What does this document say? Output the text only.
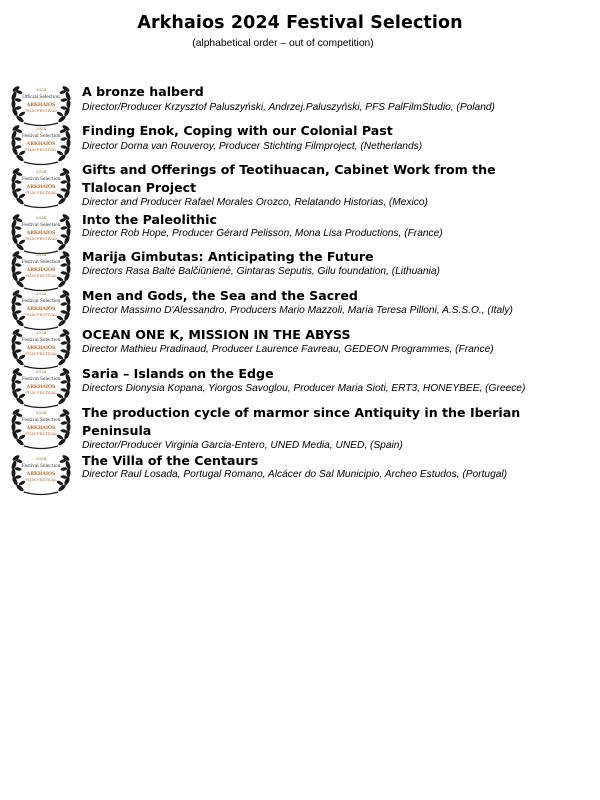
Arkhaios 2024 Festival Selection
(alphabetical order – out of competition)
2024
Official Selection
ARKHAIOS
FILM FESTIVAL
A bronze halberd
Director/Producer Krzysztof Paluszyński, Andrzej.Paluszyński, PFS PalFilmStudio, (Poland)
2024
Festival Selection
ARKHAIOS
FILM FESTIVAL
Finding Enok, Coping with our Colonial Past
Director Dorna van Rouveroy, Producer Stichting Filmproject, (Netherlands)
2024
Festival Selection
ARKHAIOS
FILM FESTIVAL
Gifts and Offerings of Teotihuacan, Cabinet Work from the Tlalocan Project
Director and Producer Rafael Morales Orozco, Relatando Historias, (Mexico)
2024
Festival Selection
ARKHAIOS
FILM FESTIVAL
Into the Paleolithic
Director Rob Hope, Producer Gérard Pelisson, Mona Lisa Productions, (France)
2024
Festival Selection
ARKHAIOS
FILM FESTIVAL
Marija Gimbutas: Anticipating the Future
Directors Rasa Baltė Balčiūnienė, Gintaras Seputis, Gilu foundation, (Lithuania)
2024
Festival Selection
ARKHAIOS
FILM FESTIVAL
Men and Gods, the Sea and the Sacred
Director Massimo D'Alessandro, Producers Mario Mazzoli, Maria Teresa Pilloni, A.S.S.O., (Italy)
2024
Festival Selection
ARKHAIOS
FILM FESTIVAL
OCEAN ONE K, MISSION IN THE ABYSS
Director Mathieu Pradinaud, Producer Laurence Favreau, GEDEON Programmes, (France)
2024
Festival Selection
ARKHAIOS
FILM FESTIVAL
Saria – Islands on the Edge
Directors Dionysia Kopana, Yiorgos Savoglou, Producer Maria Sioti, ERT3, HONEYBEE, (Greece)
2024
Festival Selection
ARKHAIOS
FILM FESTIVAL
The production cycle of marmor since Antiquity in the Iberian Peninsula
Director/Producer Virginia Garcia-Entero, UNED Media, UNED, (Spain)
2024
Festival Selection
ARKHAIOS
FILM FESTIVAL
The Villa of the Centaurs
Director Raul Losada, Portugal Romano, Alcácer do Sal Municipio, Archeo Estudos, (Portugal)
